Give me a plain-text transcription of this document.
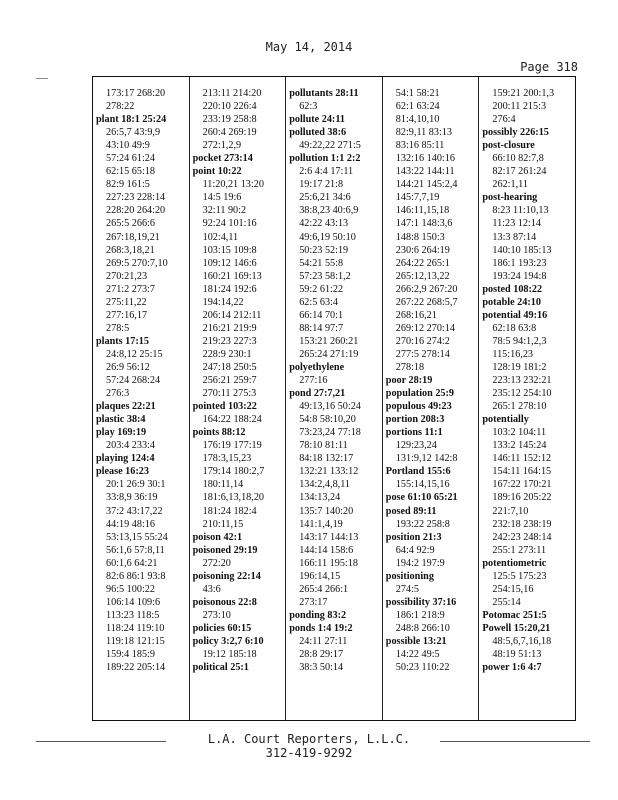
May 14, 2014
Page 318
173:17 268:20
278:22
plant 18:1 25:24
26:5,7 43:9,9
43:10 49:9
57:24 61:24
62:15 65:18
82:9 161:5
227:23 228:14
228:20 264:20
265:5 266:6
267:18,19,21
268:3,18,21
269:5 270:7,10
270:21,23
271:2 273:7
275:11,22
277:16,17
278:5
plants 17:15
24:8,12 25:15
26:9 56:12
57:24 268:24
276:3
plaques 22:21
plastic 38:4
play 169:19
203:4 233:4
playing 124:4
please 16:23
20:1 26:9 30:1
33:8,9 36:19
37:2 43:17,22
44:19 48:16
53:13,15 55:24
56:1,6 57:8,11
60:1,6 64:21
82:6 86:1 93:8
96:5 100:22
106:14 109:6
113:23 118:5
118:24 119:10
119:18 121:15
159:4 185:9
189:22 205:14
213:11 214:20
220:10 226:4
233:19 258:8
260:4 269:19
272:1,2,9
pocket 273:14
point 10:22
11:20,21 13:20
14:5 19:6
32:11 90:2
92:24 101:16
102:4,11
103:15 109:8
109:12 146:6
160:21 169:13
181:24 192:6
194:14,22
206:14 212:11
216:21 219:9
219:23 227:3
228:9 230:1
247:18 250:5
256:21 259:7
270:11 275:3
pointed 103:22
164:22 188:24
points 88:12
176:19 177:19
178:3,15,23
179:14 180:2,7
180:11,14
181:6,13,18,20
181:24 182:4
210:11,15
poison 42:1
poisoned 29:19
272:20
poisoning 22:14
43:6
poisonous 22:8
273:10
policies 60:15
policy 3:2,7 6:10
19:12 185:18
political 25:1
pollutants 28:11
62:3
pollute 24:11
polluted 38:6
49:22,22 271:5
pollution 1:1 2:2
2:6 4:4 17:11
19:17 21:8
25:6,21 34:6
38:8,23 40:6,9
42:22 43:13
49:6,19 50:10
50:23 52:19
54:21 55:8
57:23 58:1,2
59:2 61:22
62:5 63:4
66:14 70:1
88:14 97:7
153:21 260:21
265:24 271:19
polyethylene
277:16
pond 27:7,21
49:13,16 50:24
54:8 58:10,20
73:23,24 77:18
78:10 81:11
84:18 132:17
132:21 133:12
134:2,4,8,11
134:13,24
135:7 140:20
141:1,4,19
143:17 144:13
144:14 158:6
166:11 195:18
196:14,15
265:4 266:1
273:17
ponding 83:2
ponds 1:4 19:2
24:11 27:11
28:8 29:17
38:3 50:14
54:1 58:21
62:1 63:24
81:4,10,10
82:9,11 83:13
83:16 85:11
132:16 140:16
143:22 144:11
144:21 145:2,4
145:7,7,19
146:11,15,18
147:1 148:3,6
148:8 150:3
230:6 264:19
264:22 265:1
265:12,13,22
266:2,9 267:20
267:22 268:5,7
268:16,21
269:12 270:14
270:16 274:2
277:5 278:14
278:18
poor 28:19
population 25:9
populous 49:23
portion 208:3
portions 11:1
129:23,24
131:9,12 142:8
Portland 155:6
155:14,15,16
pose 61:10 65:21
posed 89:11
193:22 258:8
position 21:3
64:4 92:9
194:2 197:9
positioning
274:5
possibility 37:16
186:1 218:9
248:8 266:10
possible 13:21
14:22 49:5
50:23 110:22
159:21 200:1,3
200:11 215:3
276:4
possibly 226:15
post-closure
66:10 82:7,8
82:17 261:24
262:1,11
post-hearing
8:23 11:10,13
11:23 12:14
13:3 87:14
140:10 185:13
186:1 193:23
193:24 194:8
posted 108:22
potable 24:10
potential 49:16
62:18 63:8
78:5 94:1,2,3
115:16,23
128:19 181:2
223:13 232:21
235:12 254:10
265:1 278:10
potentially
103:2 104:11
133:2 145:24
146:11 152:12
154:11 164:15
167:22 170:21
189:16 205:22
221:7,10
232:18 238:19
242:23 248:14
255:1 273:11
potentiometric
125:5 175:23
254:15,16
255:14
Potomac 251:5
Powell 15:20,21
48:5,6,7,16,18
48:19 51:13
power 1:6 4:7
L.A. Court Reporters, L.L.C.
312-419-9292
